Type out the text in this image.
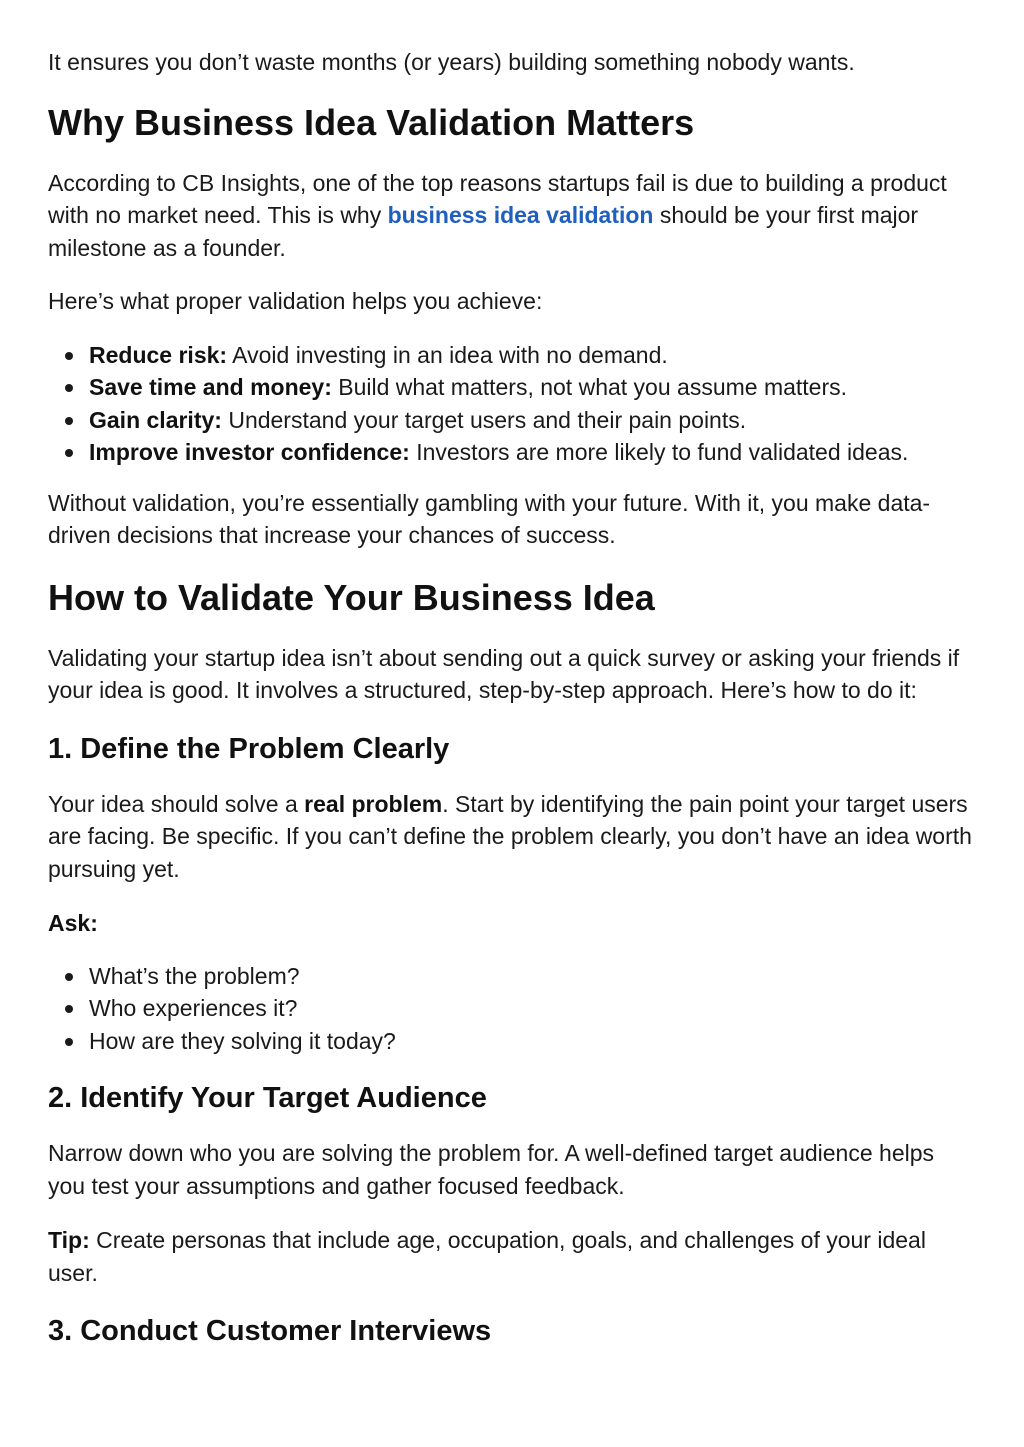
It ensures you don’t waste months (or years) building something nobody wants.

Why Business Idea Validation Matters

According to CB Insights, one of the top reasons startups fail is due to building a product with no market need. This is why business idea validation should be your first major milestone as a founder.

Here’s what proper validation helps you achieve:

Reduce risk: Avoid investing in an idea with no demand.
Save time and money: Build what matters, not what you assume matters.
Gain clarity: Understand your target users and their pain points.
Improve investor confidence: Investors are more likely to fund validated ideas.

Without validation, you’re essentially gambling with your future. With it, you make data-driven decisions that increase your chances of success.

How to Validate Your Business Idea

Validating your startup idea isn’t about sending out a quick survey or asking your friends if your idea is good. It involves a structured, step-by-step approach. Here’s how to do it:

1. Define the Problem Clearly

Your idea should solve a real problem. Start by identifying the pain point your target users are facing. Be specific. If you can’t define the problem clearly, you don’t have an idea worth pursuing yet.

Ask:

What’s the problem?
Who experiences it?
How are they solving it today?
2. Identify Your Target Audience

Narrow down who you are solving the problem for. A well-defined target audience helps you test your assumptions and gather focused feedback.

Tip: Create personas that include age, occupation, goals, and challenges of your ideal user.

3. Conduct Customer Interviews
